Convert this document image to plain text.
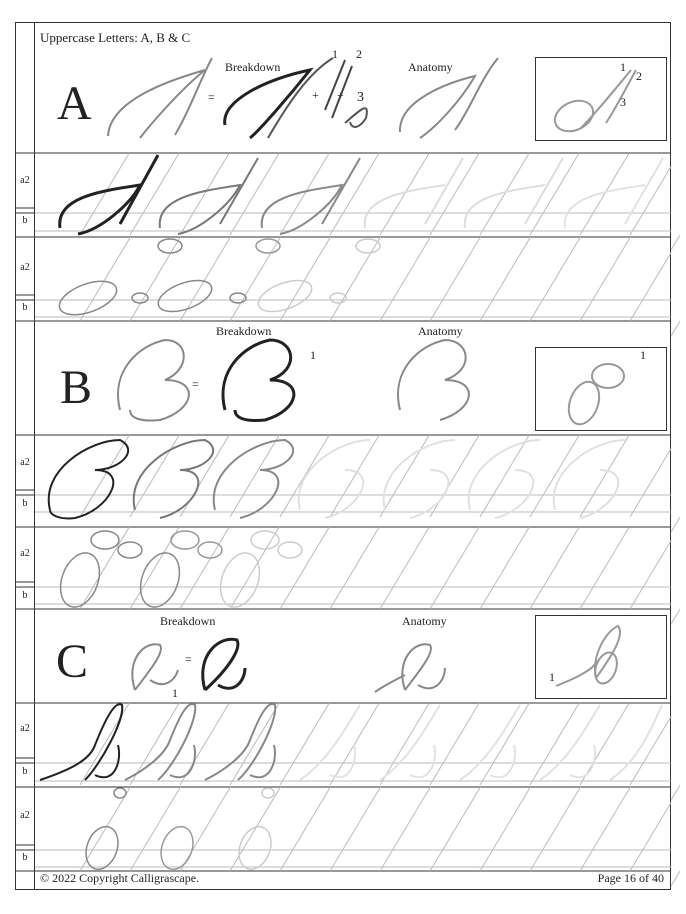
Uppercase Letters: A, B & C
a2
b
a2
b
a2
b
a2
b
a2
b
a2
b
A
Breakdown	Anatomy
=	+ +
1 2
3
1
2
3
B
Breakdown	Anatomy
=
1	1
C
Breakdown	Anatomy
=
1
1
© 2022 Copyright Calligrascape.	Page 16 of 40
